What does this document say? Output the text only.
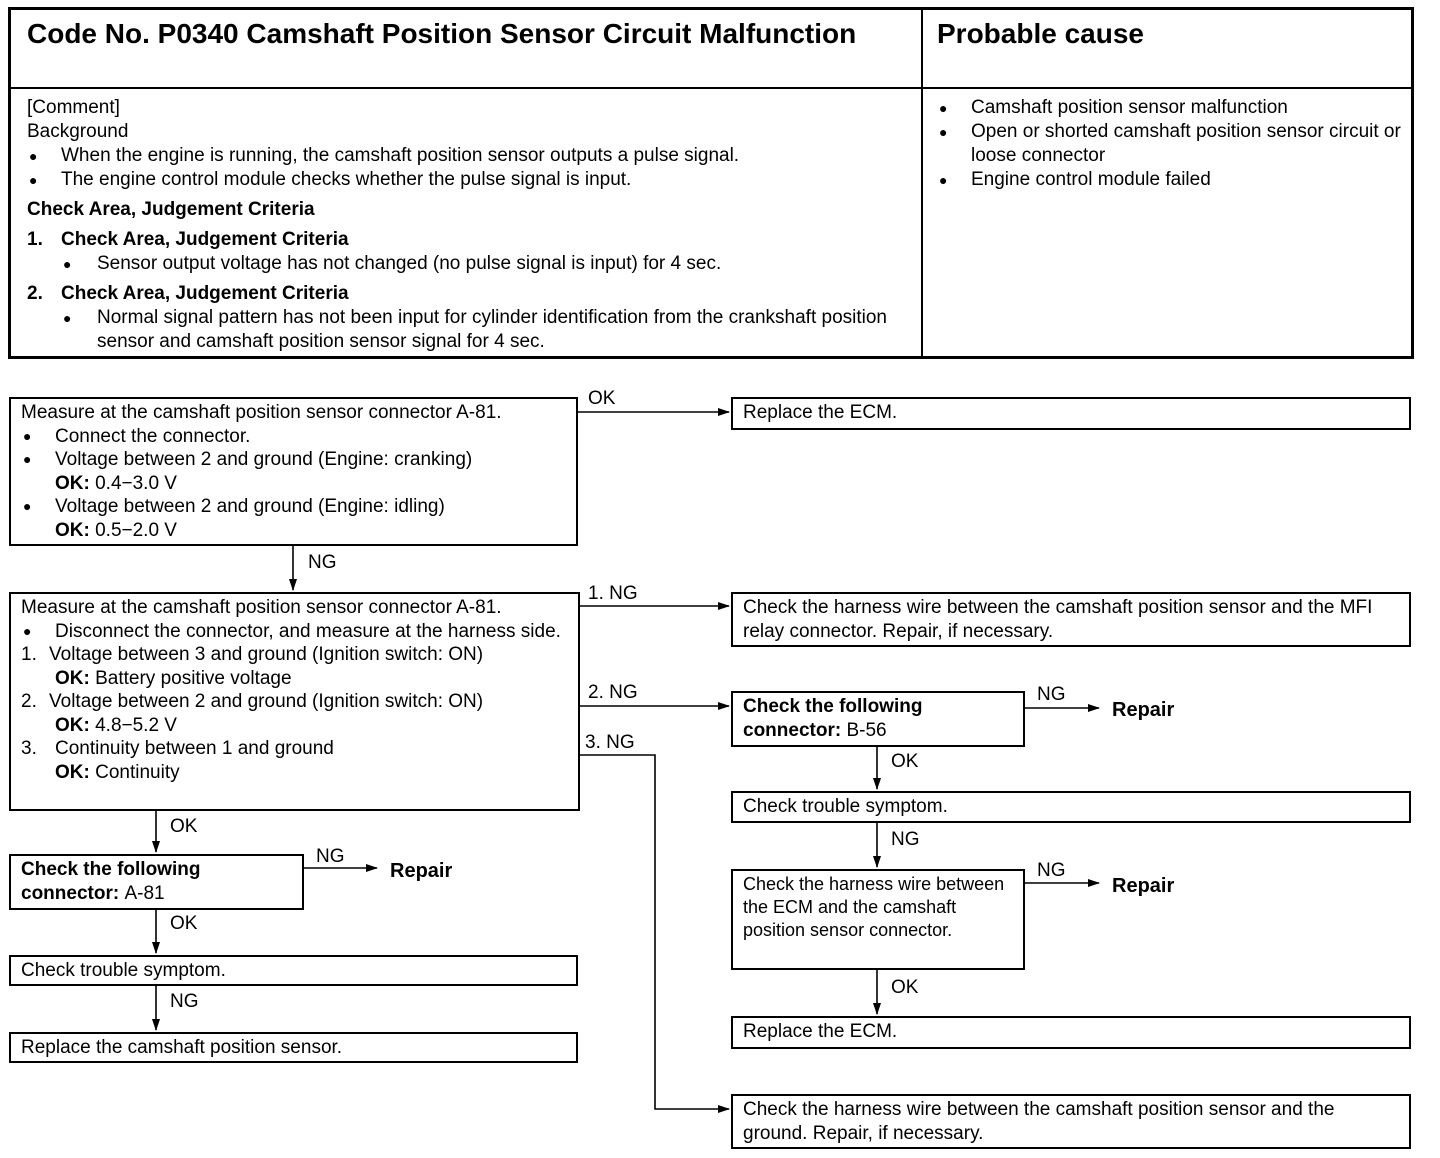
Code No. P0340 Camshaft Position Sensor Circuit Malfunction	Probable cause
[Comment]
Background
● When the engine is running, the camshaft position sensor outputs a pulse signal.
● The engine control module checks whether the pulse signal is input.
Check Area, Judgement Criteria
1. Check Area, Judgement Criteria
● Sensor output voltage has not changed (no pulse signal is input) for 4 sec.
2. Check Area, Judgement Criteria
● Normal signal pattern has not been input for cylinder identification from the crankshaft position sensor and camshaft position sensor signal for 4 sec.
● Camshaft position sensor malfunction
● Open or shorted camshaft position sensor circuit or loose connector
● Engine control module failed
Measure at the camshaft position sensor connector A-81.
● Connect the connector.
● Voltage between 2 and ground (Engine: cranking)
OK: 0.4−3.0 V
● Voltage between 2 and ground (Engine: idling)
OK: 0.5−2.0 V
OK
Replace the ECM.
NG
Measure at the camshaft position sensor connector A-81.
● Disconnect the connector, and measure at the harness side.
1. Voltage between 3 and ground (Ignition switch: ON)
OK: Battery positive voltage
2. Voltage between 2 and ground (Ignition switch: ON)
OK: 4.8−5.2 V
3. Continuity between 1 and ground
OK: Continuity
1. NG
Check the harness wire between the camshaft position sensor and the MFI relay connector. Repair, if necessary.
2. NG
Check the following connector: B-56
NG
Repair
OK
Check trouble symptom.
NG
Check the harness wire between the ECM and the camshaft position sensor connector.
NG
Repair
OK
Replace the ECM.
3. NG
Check the harness wire between the camshaft position sensor and the ground. Repair, if necessary.
OK
Check the following connector: A-81
NG
Repair
OK
Check trouble symptom.
NG
Replace the camshaft position sensor.
